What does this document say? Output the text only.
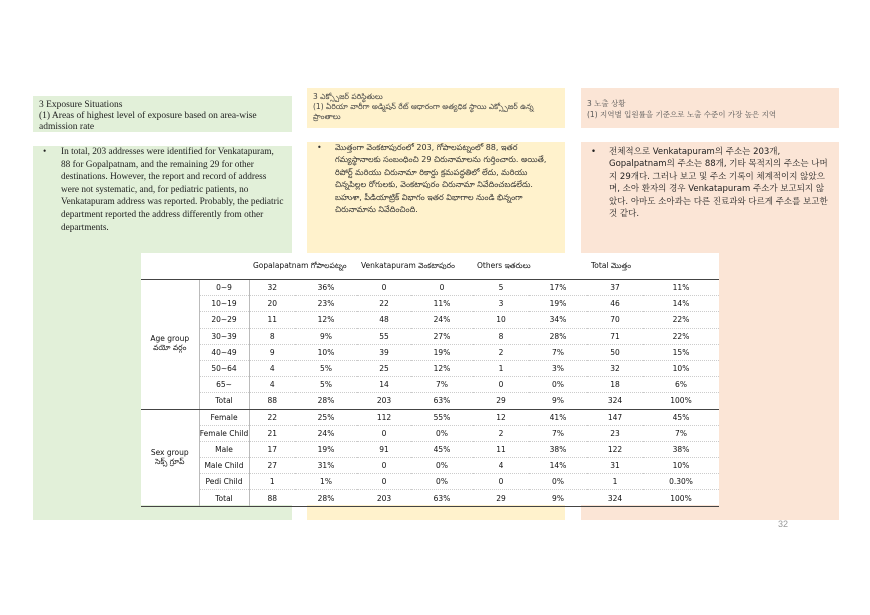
3 Exposure Situations
(1) Areas of highest level of exposure based on area-wise admission rate
3 ఎక్స్పోజర్ పరిస్థితులు
(1) ఏరియా వారీగా అడ్మిషన్ రేట్ ఆధారంగా అత్యధిక స్థాయి ఎక్స్పోజర్ ఉన్న ప్రాంతాలు
3 노출 상황
(1) 지역별 입원률을 기준으로 노출 수준이 가장 높은 지역
•	In total, 203 addresses were identified for Venkatapuram, 88 for Gopalpatnam, and the remaining 29 for other destinations. However, the report and record of address were not systematic, and, for pediatric patients, no Venkatapuram address was reported. Probably, the pediatric department reported the address differently from other departments.
•	మొత్తంగా వెంకటాపురంలో 203, గోపాలపట్నంలో 88, ఇతర గమ్యస్థానాలకు సంబంధించి 29 చిరునామాలను గుర్తించారు. అయితే, రిపోర్ట్ మరియు చిరునామా రికార్డు క్రమపద్ధతిలో లేదు, మరియు చిన్నపిల్లల రోగులకు, వెంకటాపురం చిరునామా నివేదించబడలేదు. బహుశా, పీడియాట్రిక్ విభాగం ఇతర విభాగాల నుండి భిన్నంగా చిరునామాను నివేదించింది.
•	전체적으로 Venkatapuram의 주소는 203개, Gopalpatnam의 주소는 88개, 기타 목적지의 주소는 나머지 29개다. 그러나 보고 및 주소 기록이 체계적이지 않았으며, 소아 환자의 경우 Venkatapuram 주소가 보고되지 않았다. 아마도 소아과는 다른 진료과와 다르게 주소를 보고한 것 같다.
		Gopalapatnam గోపాలపట్నం		Venkatapuram వెంకటాపురం		Others ఇతరులు		Total మొత్తం	

Age group
వయో వర్గం	0~9	32	36%	0	0	5	17%	37	11%
	10~19	20	23%	22	11%	3	19%	46	14%
	20~29	11	12%	48	24%	10	34%	70	22%
	30~39	8	9%	55	27%	8	28%	71	22%
	40~49	9	10%	39	19%	2	7%	50	15%
	50~64	4	5%	25	12%	1	3%	32	10%
	65~	4	5%	14	7%	0	0%	18	6%
	Total	88	28%	203	63%	29	9%	324	100%

Sex group
సెక్స్ గ్రూప్	Female	22	25%	112	55%	12	41%	147	45%
	Female Child	21	24%	0	0%	2	7%	23	7%
	Male	17	19%	91	45%	11	38%	122	38%
	Male Child	27	31%	0	0%	4	14%	31	10%
	Pedi Child	1	1%	0	0%	0	0%	1	0.30%
	Total	88	28%	203	63%	29	9%	324	100%
32
